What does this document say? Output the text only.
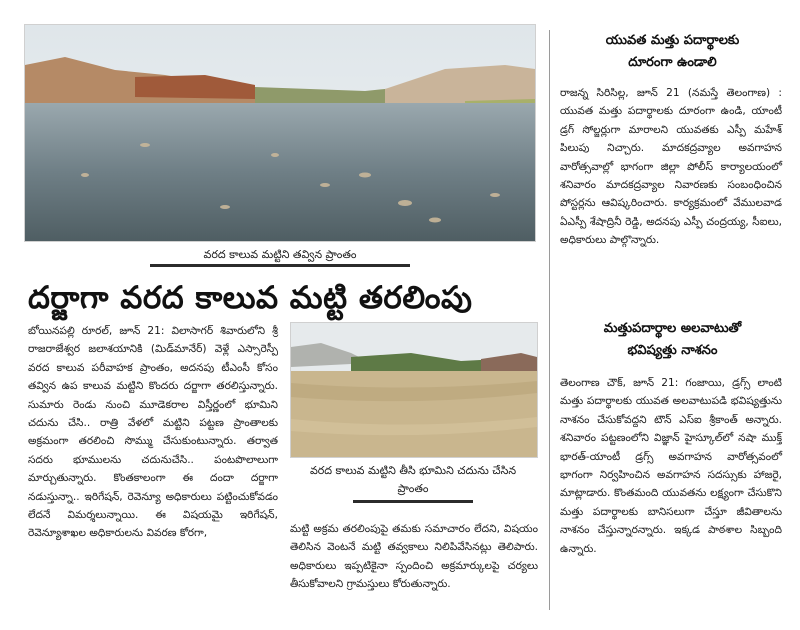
వరద కాలువ మట్టిని తవ్విన ప్రాంతం
దర్జాగా వరద కాలువ మట్టి తరలింపు

బోయినపల్లి రూరల్‌, జూన్‌ 21: విలాసాగర్‌ శివారులోని శ్రీ రాజరాజేశ్వర జలాశయానికి (మిడ్‌మానేర్‌) వెళ్లే ఎస్సారెస్పీ వరద కాలువ పరీవాహక ప్రాంతం, అదనపు టీఎంసీ కోసం తవ్విన ఉప కాలువ మట్టిని కొందరు దర్జాగా తరలిస్తున్నారు. సుమారు రెండు నుంచి మూడెకరాల విస్తీర్ణంలో భూమిని చదును చేసి.. రాత్రి వేళలో మట్టిని పట్టణ ప్రాంతాలకు అక్రమంగా తరలించి సొమ్ము చేసుకుంటున్నారు. తర్వాత సదరు భూములను చదునుచేసి.. పంటపొలాలుగా మార్చుతున్నారు. కొంతకాలంగా ఈ దందా దర్జాగా నడుస్తున్నా.. ఇరిగేషన్‌, రెవెన్యూ అధికారులు పట్టించుకోవడం లేదనే విమర్శలున్నాయి. ఈ విషయమై ఇరిగేషన్‌, రెవెన్యూశాఖల అధికారులను వివరణ కోరగా,

వరద కాలువ మట్టిని తీసి భూమిని చదును చేసిన ప్రాంతం

మట్టి అక్రమ తరలింపుపై తమకు సమాచారం లేదని, విషయం తెలిసిన వెంటనే మట్టి తవ్వకాలు నిలిపివేసినట్లు తెలిపారు. అధికారులు ఇప్పటికైనా స్పందించి అక్రమార్కులపై చర్యలు తీసుకోవాలని గ్రామస్తులు కోరుతున్నారు.

యువత మత్తు పదార్థాలకు
దూరంగా ఉండాలి

రాజన్న సిరిసిల్ల, జూన్‌ 21 (నమస్తే తెలంగాణ) : యువత మత్తు పదార్థాలకు దూరంగా ఉండి, యాంటీ డ్రగ్‌ సోల్జర్లుగా మారాలని యువతకు ఎస్పీ మహేశ్‌ పిలుపు నిచ్చారు. మాదకద్రవ్యాల అవగాహన వారోత్సవాల్లో భాగంగా జిల్లా పోలీస్‌ కార్యాలయంలో శనివారం మాదకద్రవ్యాల నివారణకు సంబంధించిన పోస్టర్లను ఆవిష్కరించారు. కార్యక్రమంలో వేములవాడ ఏఎస్పీ శేషాద్రినీ రెడ్డి, అదనపు ఎస్పీ చంద్రయ్య, సీఐలు, అధికారులు పాల్గొన్నారు.

మత్తుపదార్థాల అలవాటుతో
భవిష్యత్తు నాశనం

తెలంగాణ చౌక్‌, జూన్‌ 21: గంజాయి, డ్రగ్స్‌ లాంటి మత్తు పదార్థాలకు యువత అలవాటుపడి భవిష్యత్తును నాశనం చేసుకోవద్దని టౌన్‌ ఎస్‌ఐ శ్రీకాంత్‌ అన్నారు. శనివారం పట్టణంలోని విజ్ఞాన్‌ హైస్కూల్‌లో నషా ముక్త్‌ భారత్‌-యాంటీ డ్రగ్స్‌ అవగాహన వారోత్సవంలో భాగంగా నిర్వహించిన అవగాహన సదస్సుకు హాజరై, మాట్లాడారు. కొంతమంది యువతను లక్ష్యంగా చేసుకొని మత్తు పదార్థాలకు బానిసలుగా చేస్తూ జీవితాలను నాశనం చేస్తున్నారన్నారు. ఇక్కడ పాఠశాల సిబ్బంది ఉన్నారు.
